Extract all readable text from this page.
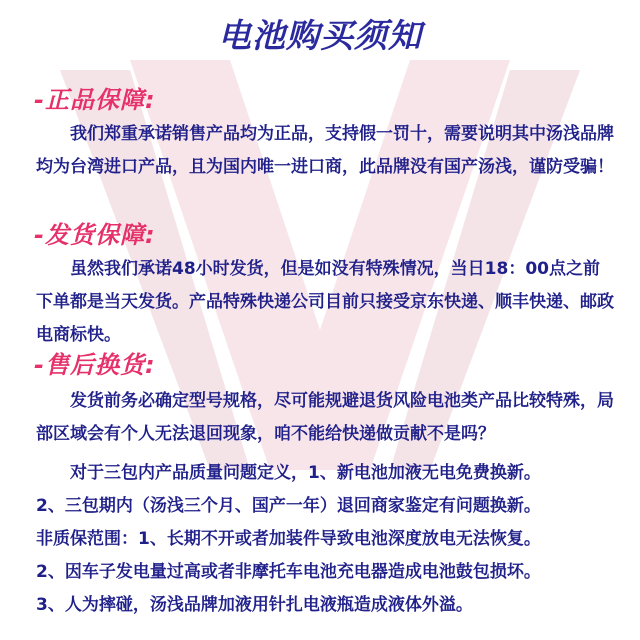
电池购买须知
-正品保障:
我们郑重承诺销售产品均为正品，支持假一罚十，需要说明其中汤浅品牌均为台湾进口产品，且为国内唯一进口商，此品牌没有国产汤浅，谨防受骗！
-发货保障:
虽然我们承诺48小时发货，但是如没有特殊情况，当日18：00点之前下单都是当天发货。产品特殊快递公司目前只接受京东快递、顺丰快递、邮政电商标快。
-售后换货:
发货前务必确定型号规格，尽可能规避退货风险电池类产品比较特殊，局部区域会有个人无法退回现象，咱不能给快递做贡献不是吗？
对于三包内产品质量问题定义，1、新电池加液无电免费换新。
2、三包期内（汤浅三个月、国产一年）退回商家鉴定有问题换新。
非质保范围：1、长期不开或者加装件导致电池深度放电无法恢复。
2、因车子发电量过高或者非摩托车电池充电器造成电池鼓包损坏。
3、人为摔碰，汤浅品牌加液用针扎电液瓶造成液体外溢。
